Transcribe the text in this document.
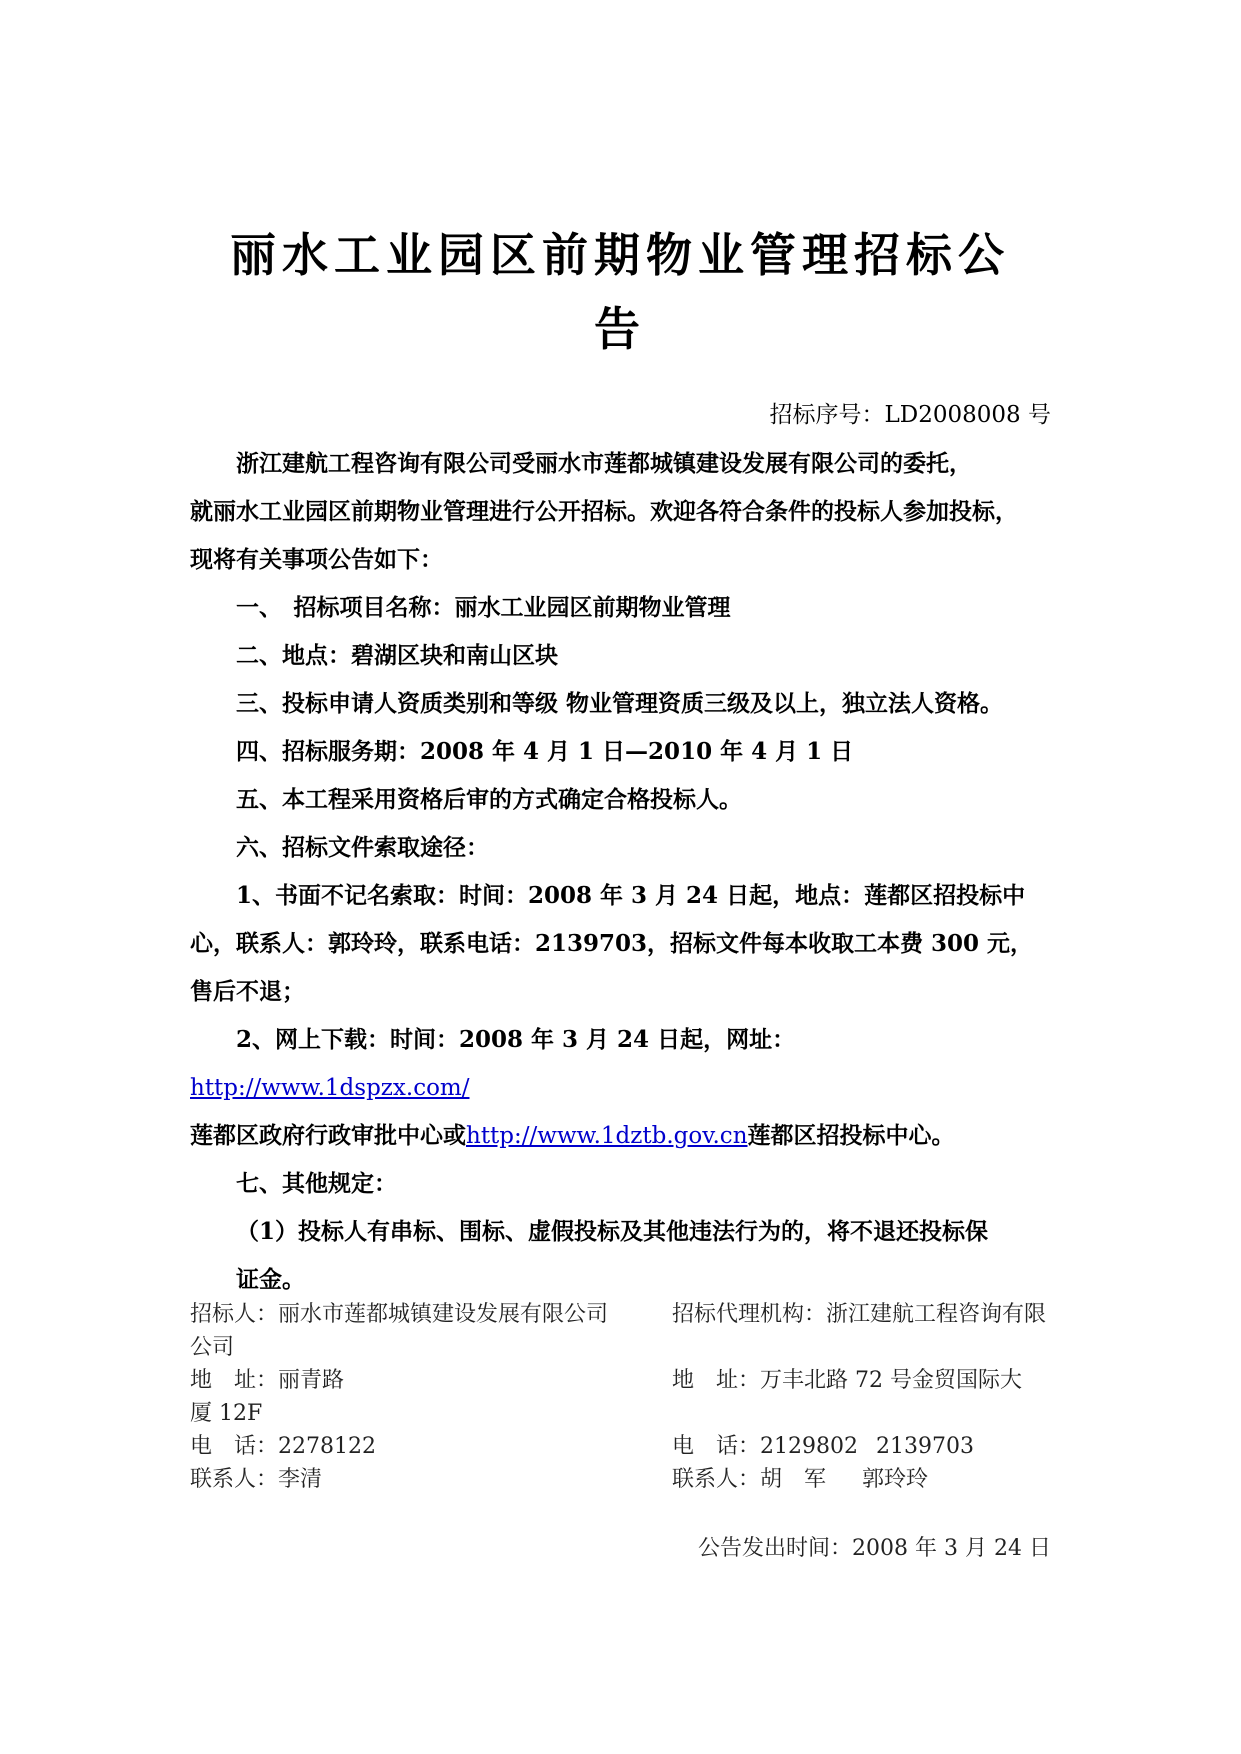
丽水工业园区前期物业管理招标公
告
招标序号：LD2008008 号

浙江建航工程咨询有限公司受丽水市莲都城镇建设发展有限公司的委托，

就丽水工业园区前期物业管理进行公开招标。欢迎各符合条件的投标人参加投标，

现将有关事项公告如下：

一、　招标项目名称：丽水工业园区前期物业管理

二、地点：碧湖区块和南山区块

三、投标申请人资质类别和等级 物业管理资质三级及以上，独立法人资格。

四、招标服务期：2008 年 4 月 1 日—2010 年 4 月 1 日

五、本工程采用资格后审的方式确定合格投标人。

六、招标文件索取途径：

1、书面不记名索取：时间：2008 年 3 月 24 日起，地点：莲都区招投标中

心，联系人：郭玲玲，联系电话：2139703，招标文件每本收取工本费 300 元，

售后不退；

2、网上下载：时间：2008 年 3 月 24 日起，网址：http://www.1dspzx.com/

莲都区政府行政审批中心或http://www.1dztb.gov.cn莲都区招投标中心。

七、其他规定：

（1）投标人有串标、围标、虚假投标及其他违法行为的，将不退还投标保

证金。

招标人：丽水市莲都城镇建设发展有限公司
公司
地　址：丽青路
厦 12F
电　话：2278122
联系人：李清
招标代理机构：浙江建航工程咨询有限

地　址：万丰北路 72 号金贸国际大

电　话：2129802 2139703
联系人：胡　军 郭玲玲
公告发出时间：2008 年 3 月 24 日
